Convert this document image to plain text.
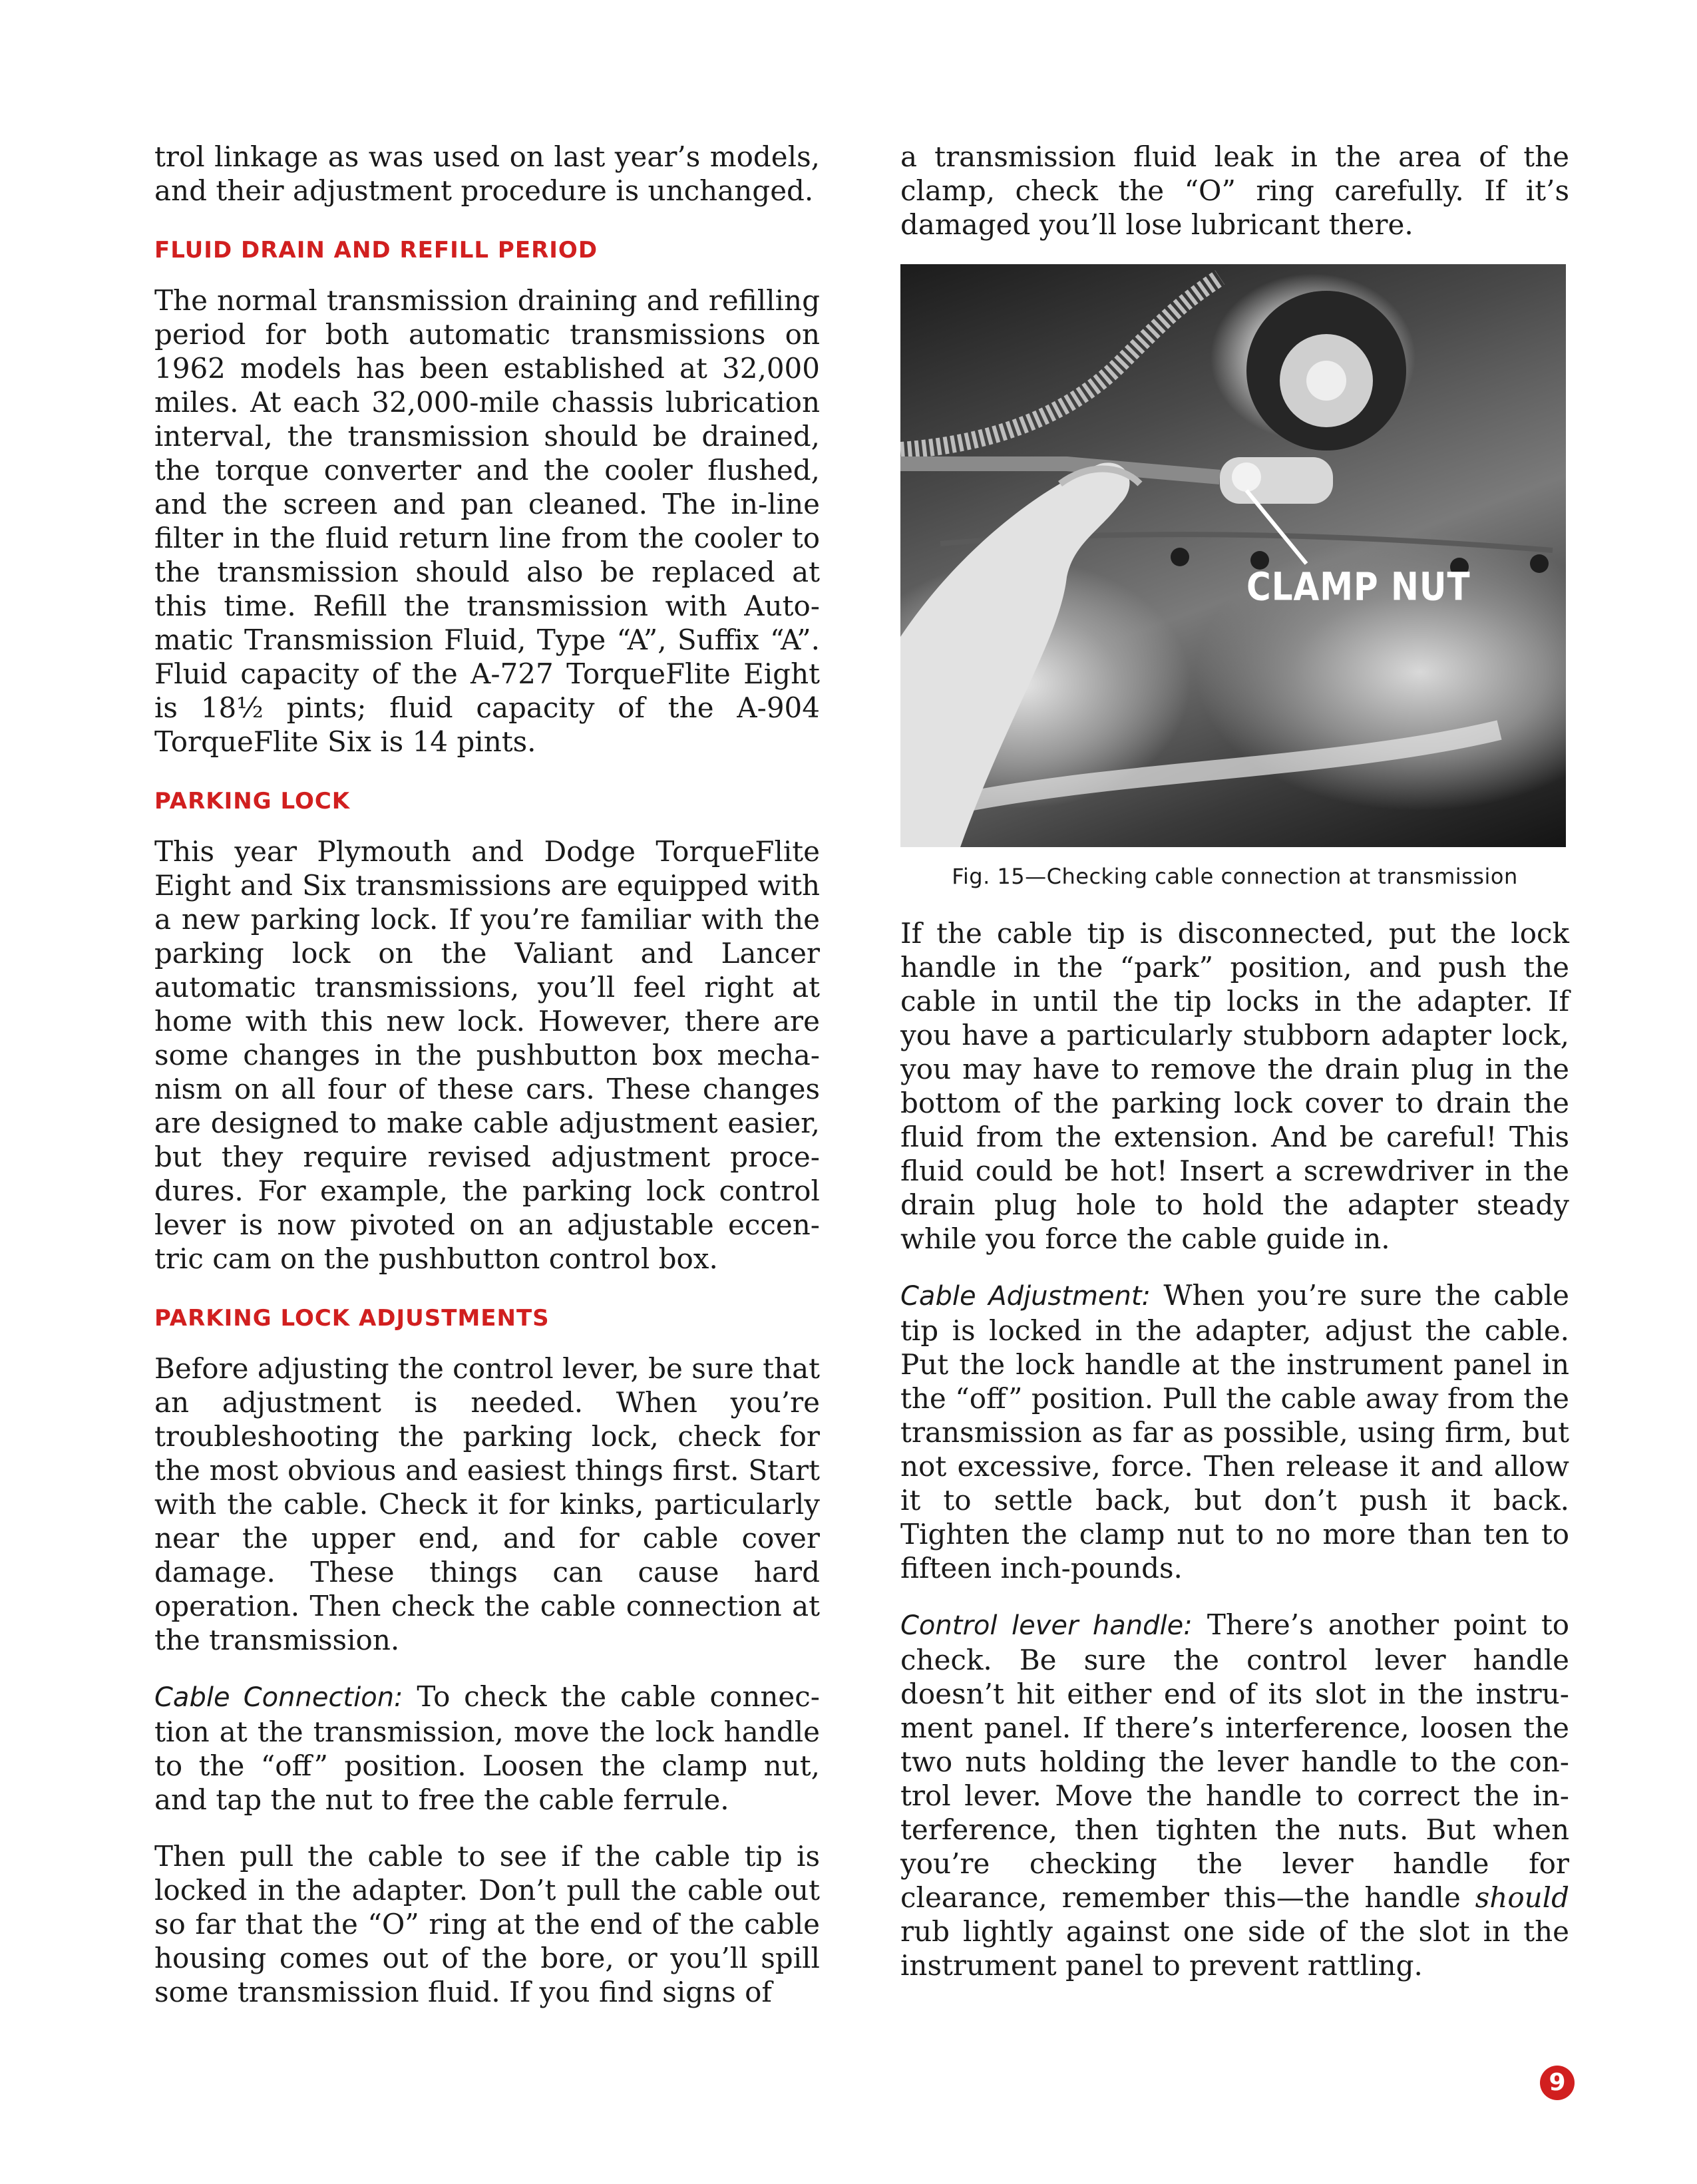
trol linkage as was used on last year’s models, and their adjustment procedure is unchanged.

FLUID DRAIN AND REFILL PERIOD

The normal transmission draining and refilling period for both automatic transmissions on 1962 models has been established at 32,000 miles. At each 32,000-mile chassis lubrication interval, the transmission should be drained, the torque converter and the cooler flushed, and the screen and pan cleaned. The in-line filter in the fluid return line from the cooler to the transmission should also be replaced at this time. Refill the transmission with Automatic Transmission Fluid, Type “A”, Suffix “A”. Fluid capacity of the A-727 TorqueFlite Eight is 18½ pints; fluid capacity of the A-904 TorqueFlite Six is 14 pints.

PARKING LOCK

This year Plymouth and Dodge TorqueFlite Eight and Six transmissions are equipped with a new parking lock. If you’re familiar with the parking lock on the Valiant and Lancer automatic transmissions, you’ll feel right at home with this new lock. However, there are some changes in the pushbutton box mechanism on all four of these cars. These changes are designed to make cable adjustment easier, but they require revised adjustment procedures. For example, the parking lock control lever is now pivoted on an adjustable eccentric cam on the pushbutton control box.

PARKING LOCK ADJUSTMENTS

Before adjusting the control lever, be sure that an adjustment is needed. When you’re troubleshooting the parking lock, check for the most obvious and easiest things first. Start with the cable. Check it for kinks, particularly near the upper end, and for cable cover damage. These things can cause hard operation. Then check the cable connection at the transmission.

Cable Connection: To check the cable connection at the transmission, move the lock handle to the “off” position. Loosen the clamp nut, and tap the nut to free the cable ferrule.

Then pull the cable to see if the cable tip is locked in the adapter. Don’t pull the cable out so far that the “O” ring at the end of the cable housing comes out of the bore, or you’ll spill some transmission fluid. If you find signs of

a transmission fluid leak in the area of the clamp, check the “O” ring carefully. If it’s damaged you’ll lose lubricant there.

CLAMP NUT
Fig. 15—Checking cable connection at transmission

If the cable tip is disconnected, put the lock handle in the “park” position, and push the cable in until the tip locks in the adapter. If you have a particularly stubborn adapter lock, you may have to remove the drain plug in the bottom of the parking lock cover to drain the fluid from the extension. And be careful! This fluid could be hot! Insert a screwdriver in the drain plug hole to hold the adapter steady while you force the cable guide in.

Cable Adjustment: When you’re sure the cable tip is locked in the adapter, adjust the cable. Put the lock handle at the instrument panel in the “off” position. Pull the cable away from the transmission as far as possible, using firm, but not excessive, force. Then release it and allow it to settle back, but don’t push it back. Tighten the clamp nut to no more than ten to fifteen inch-pounds.

Control lever handle: There’s another point to check. Be sure the control lever handle doesn’t hit either end of its slot in the instrument panel. If there’s interference, loosen the two nuts holding the lever handle to the control lever. Move the handle to correct the interference, then tighten the nuts. But when you’re checking the lever handle for clearance, remember this—the handle should rub lightly against one side of the slot in the instrument panel to prevent rattling.

9
